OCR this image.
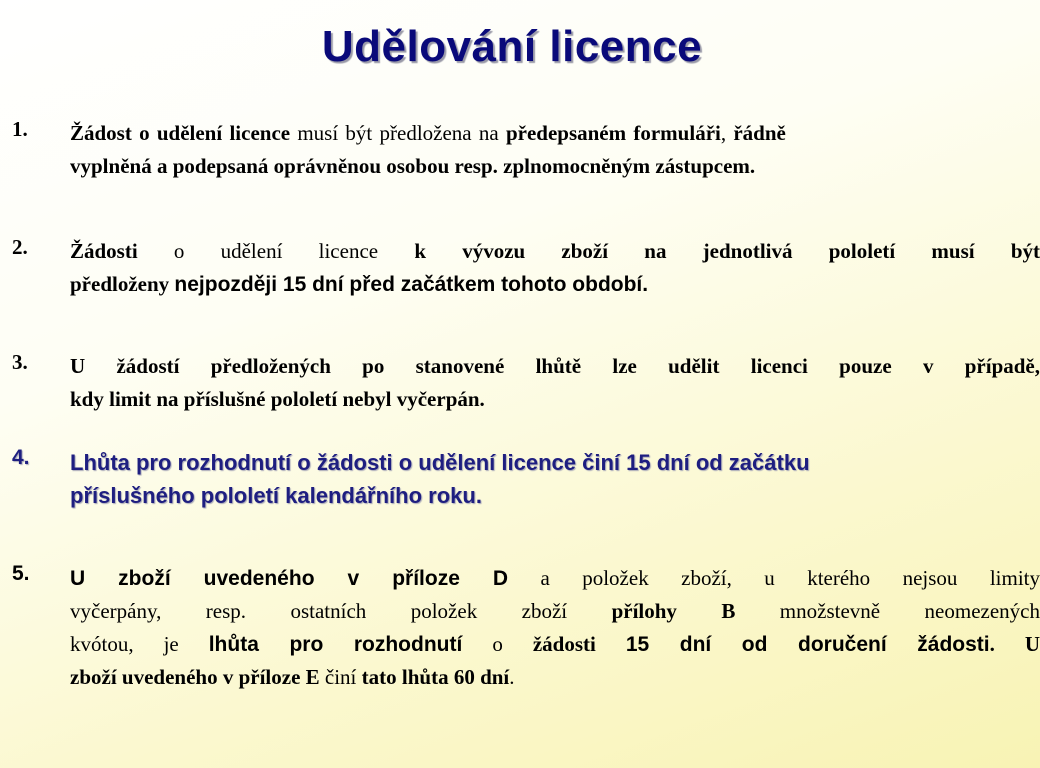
Udělování licence
1. Žádost o udělení licence musí být předložena na předepsaném formuláři, řádně
vyplněná a podepsaná oprávněnou osobou resp. zplnomocněným zástupcem.
2. Žádosti o udělení licence k vývozu zboží na jednotlivá pololetí musí být
předloženy nejpozději 15 dní před začátkem tohoto období.
3. U žádostí předložených po stanovené lhůtě lze udělit licenci pouze v případě,
kdy limit na příslušné pololetí nebyl vyčerpán.
4. Lhůta pro rozhodnutí o žádosti o udělení licence činí 15 dní od začátku
příslušného pololetí kalendářního roku.
5. U zboží uvedeného v příloze D a položek zboží, u kterého nejsou limity
vyčerpány, resp. ostatních položek zboží přílohy B množstevně neomezených
kvótou, je lhůta pro rozhodnutí o žádosti 15 dní od doručení žádosti. U
zboží uvedeného v příloze E činí tato lhůta 60 dní.
